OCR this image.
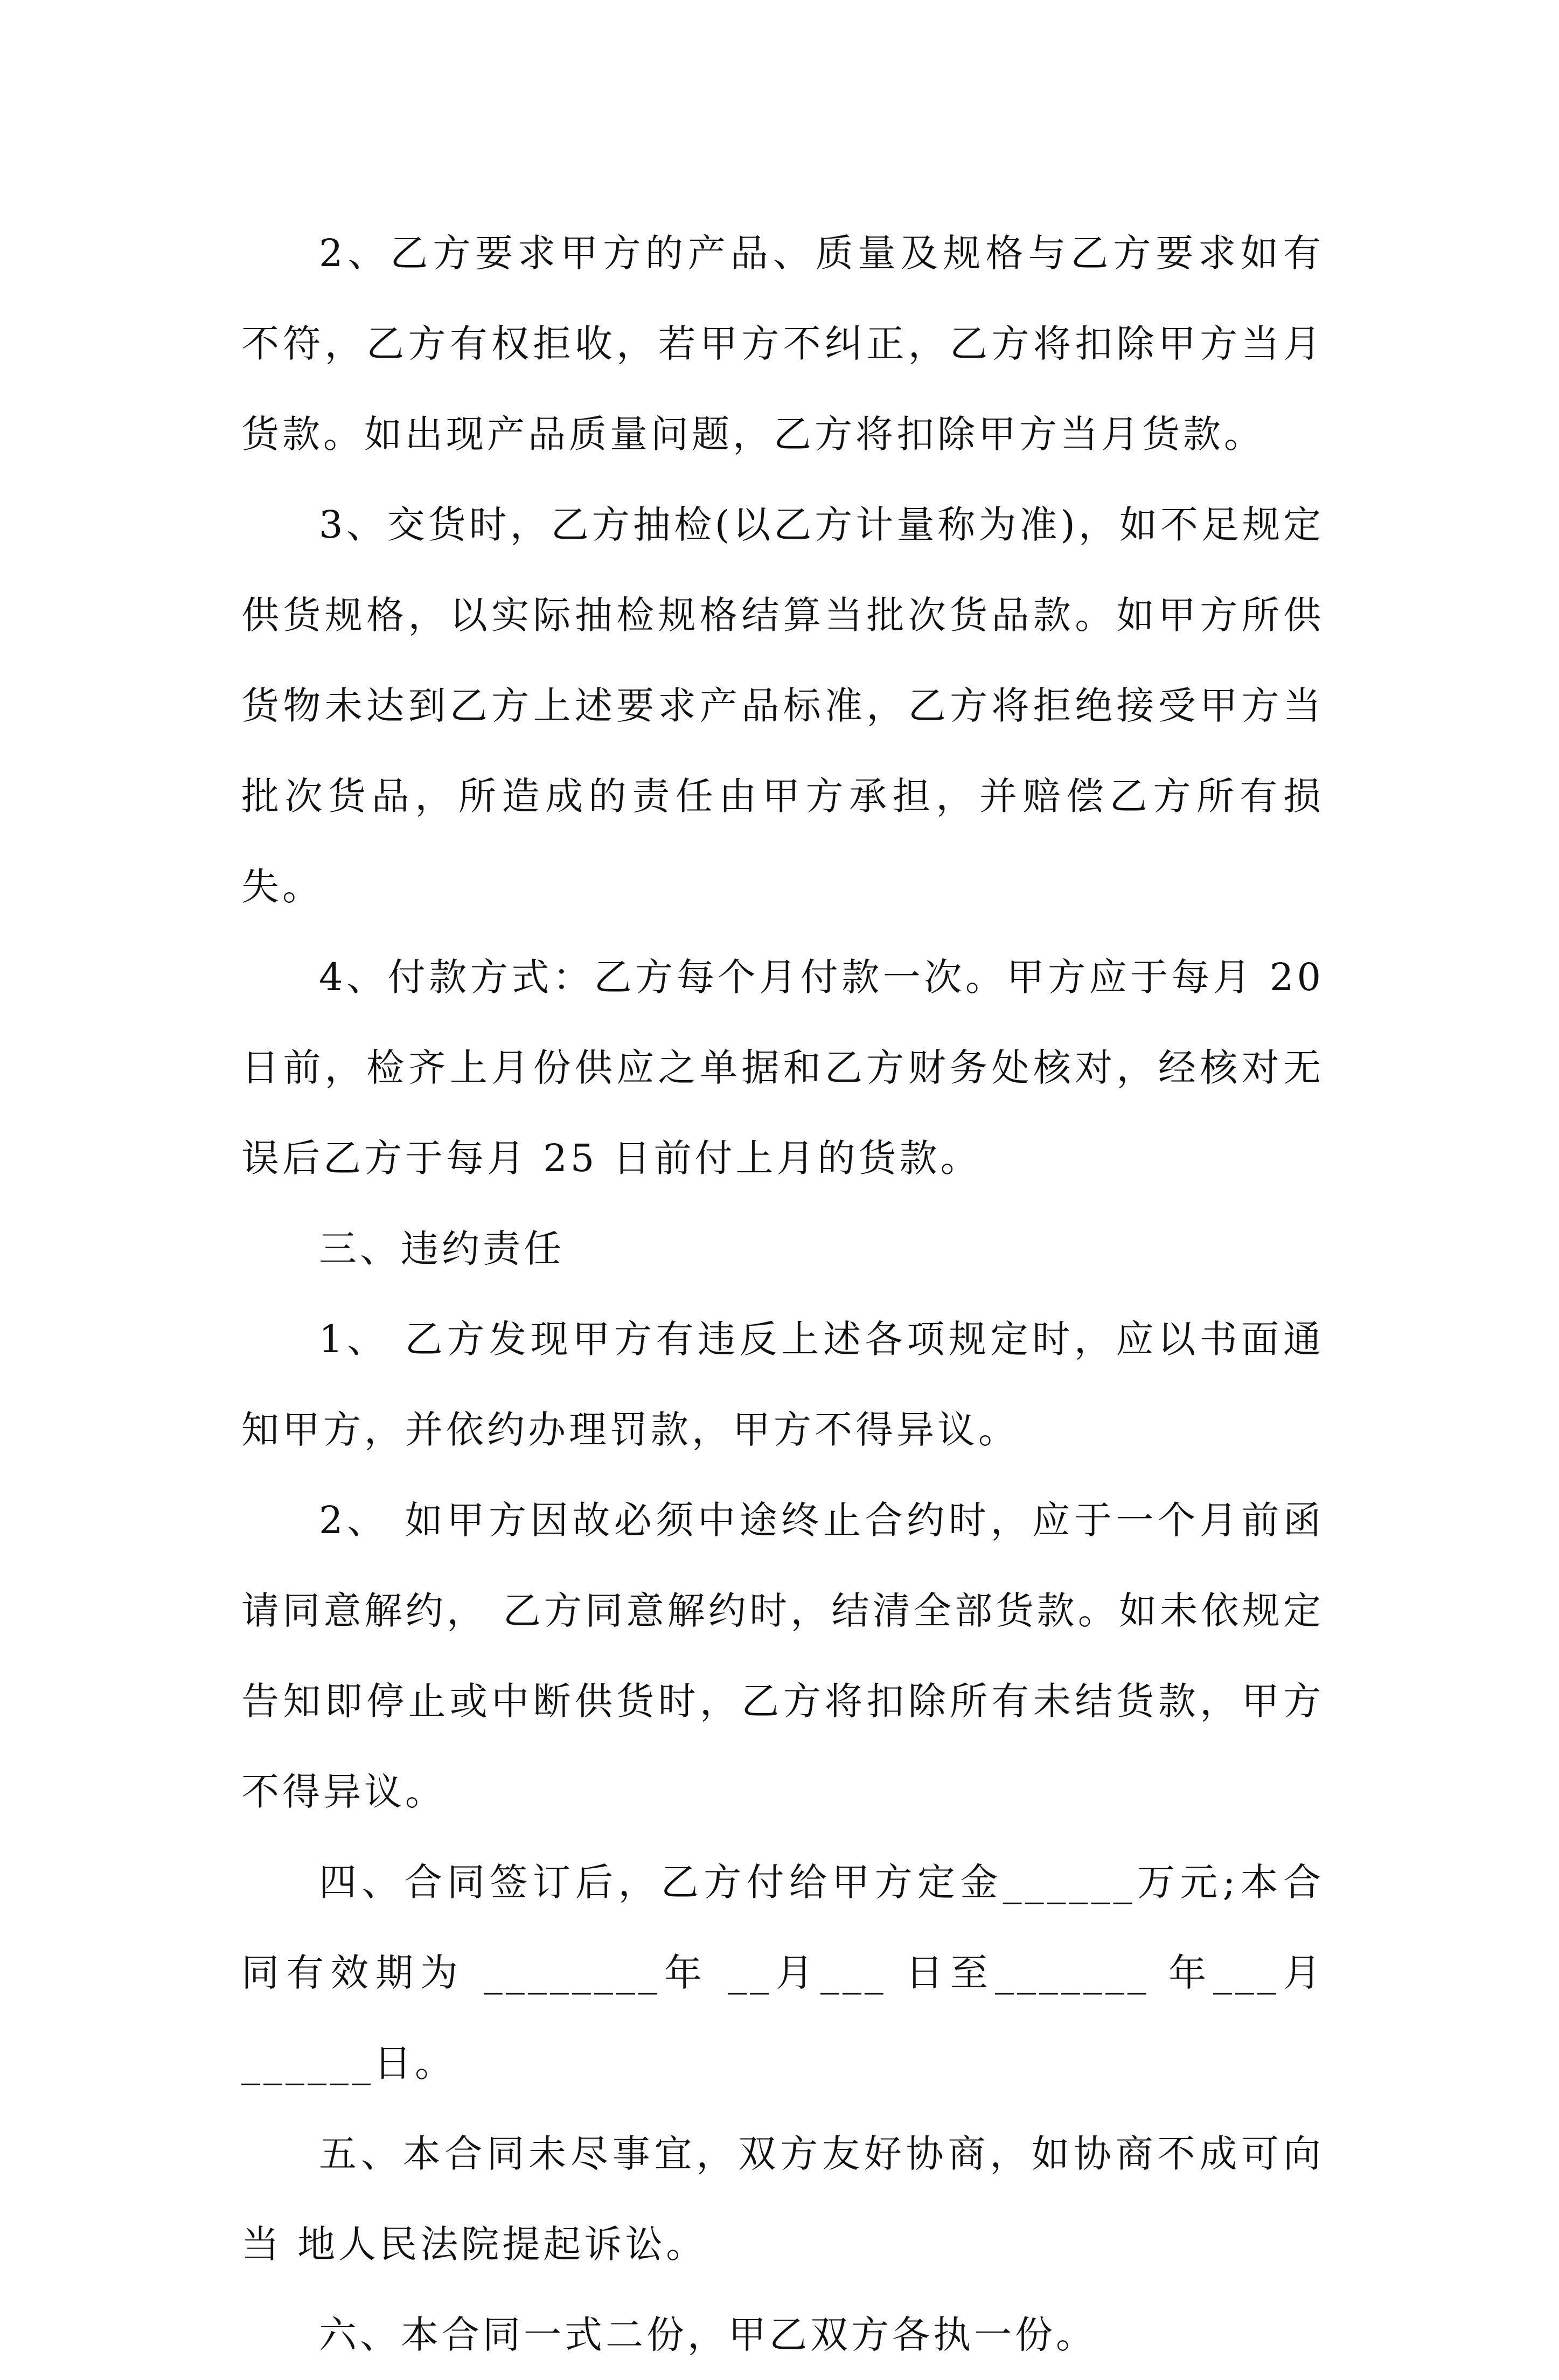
2、乙方要求甲方的产品、质量及规格与乙方要求如有不符，乙方有权拒收，若甲方不纠正，乙方将扣除甲方当月货款。如出现产品质量问题，乙方将扣除甲方当月货款。

3、交货时，乙方抽检(以乙方计量称为准)，如不足规定供货规格，以实际抽检规格结算当批次货品款。如甲方所供货物未达到乙方上述要求产品标准，乙方将拒绝接受甲方当批次货品，所造成的责任由甲方承担，并赔偿乙方所有损失。

4、付款方式：乙方每个月付款一次。甲方应于每月 20 日前，检齐上月份供应之单据和乙方财务处核对，经核对无误后乙方于每月 25 日前付上月的货款。

三、违约责任

1、 乙方发现甲方有违反上述各项规定时，应以书面通知甲方，并依约办理罚款，甲方不得异议。

2、 如甲方因故必须中途终止合约时，应于一个月前函请同意解约， 乙方同意解约时，结清全部货款。如未依规定告知即停止或中断供货时，乙方将扣除所有未结货款，甲方不得异议。

四、合同签订后，乙方付给甲方定金______万元;本合同有效期为 ________年 __月___ 日至_______ 年___月______日。

五、本合同未尽事宜，双方友好协商，如协商不成可向当 地人民法院提起诉讼。

六、本合同一式二份，甲乙双方各执一份。
